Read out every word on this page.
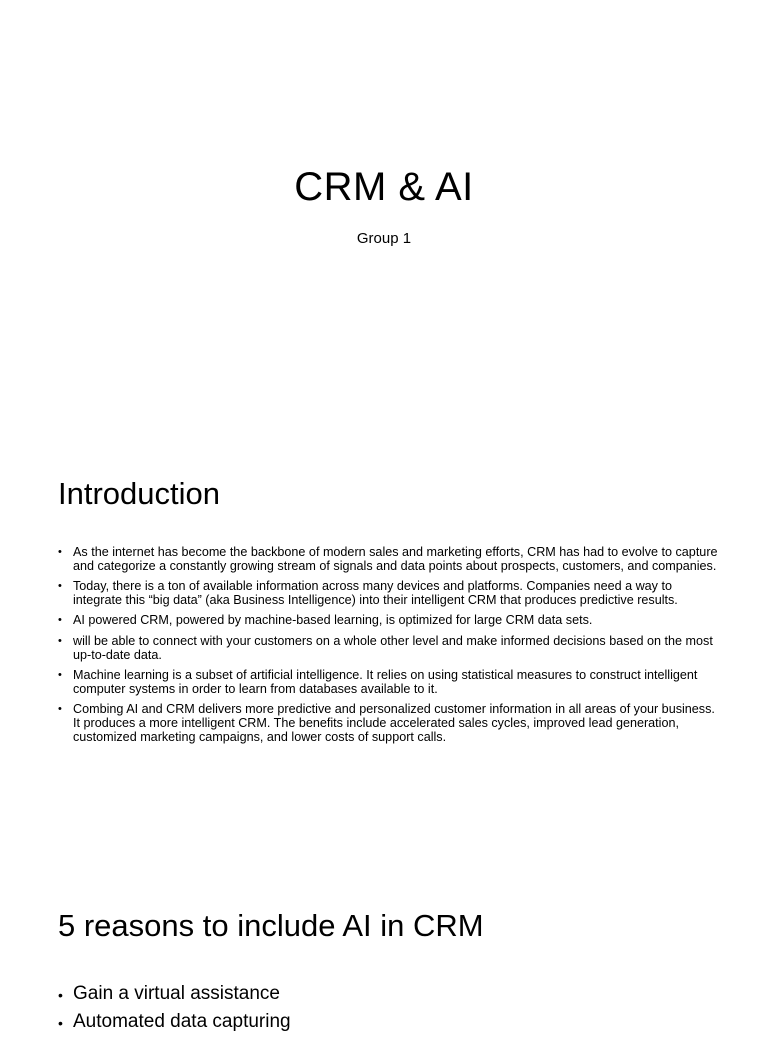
CRM & AI
Group 1
Introduction
• As the internet has become the backbone of modern sales and marketing efforts, CRM has had to evolve to capture and categorize a constantly growing stream of signals and data points about prospects, customers, and companies.
• Today, there is a ton of available information across many devices and platforms. Companies need a way to integrate this “big data” (aka Business Intelligence) into their intelligent CRM that produces predictive results.
• AI powered CRM, powered by machine-based learning, is optimized for large CRM data sets.
• will be able to connect with your customers on a whole other level and make informed decisions based on the most up-to-date data.
• Machine learning is a subset of artificial intelligence. It relies on using statistical measures to construct intelligent computer systems in order to learn from databases available to it.
• Combing AI and CRM delivers more predictive and personalized customer information in all areas of your business. It produces a more intelligent CRM. The benefits include accelerated sales cycles, improved lead generation, customized marketing campaigns, and lower costs of support calls.
5 reasons to include AI in CRM
• Gain a virtual assistance
• Automated data capturing
